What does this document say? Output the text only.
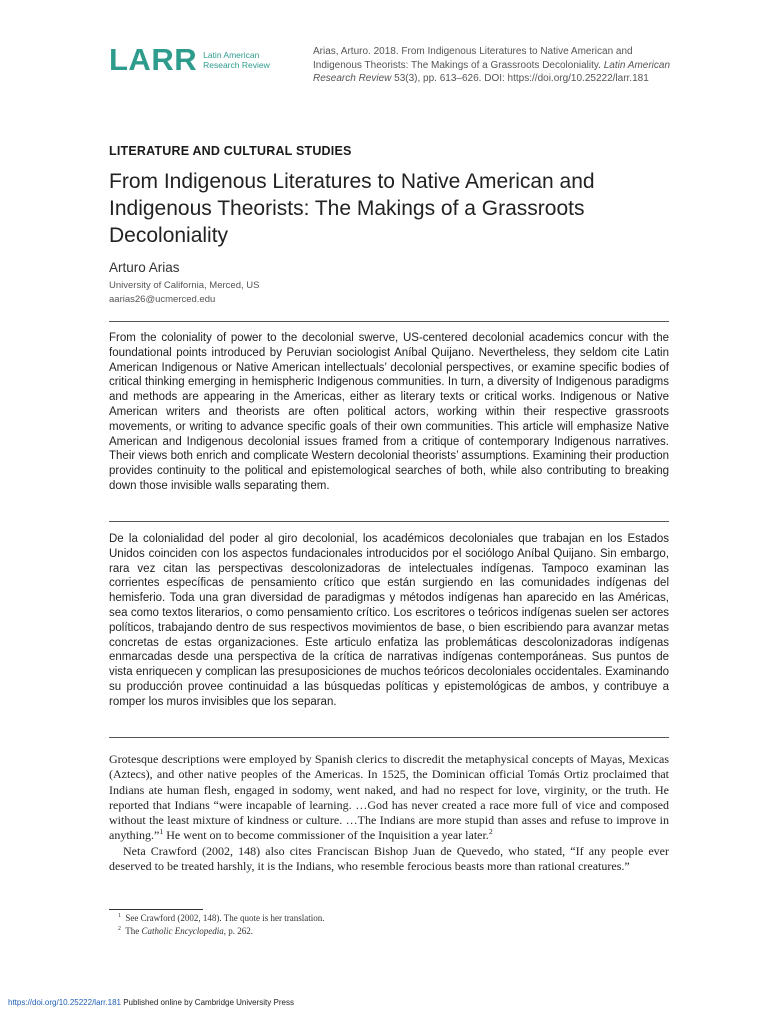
LARR Latin American
Research Review
Arias, Arturo. 2018. From Indigenous Literatures to Native American and Indigenous Theorists: The Makings of a Grassroots Decoloniality. Latin American Research Review 53(3), pp. 613–626. DOI: https://doi.org/10.25222/larr.181
LITERATURE AND CULTURAL STUDIES
From Indigenous Literatures to Native American and Indigenous Theorists: The Makings of a Grassroots Decoloniality
Arturo Arias
University of California, Merced, US
aarias26@ucmerced.edu
From the coloniality of power to the decolonial swerve, US-centered decolonial academics concur with the foundational points introduced by Peruvian sociologist Aníbal Quijano. Nevertheless, they seldom cite Latin American Indigenous or Native American intellectuals’ decolonial perspectives, or examine specific bodies of critical thinking emerging in hemispheric Indigenous communities. In turn, a diversity of Indigenous paradigms and methods are appearing in the Americas, either as literary texts or critical works. Indigenous or Native American writers and theorists are often political actors, working within their respective grassroots movements, or writing to advance specific goals of their own communities. This article will emphasize Native American and Indigenous decolonial issues framed from a critique of contemporary Indigenous narratives. Their views both enrich and complicate Western decolonial theorists’ assumptions. Examining their production provides continuity to the political and epistemological searches of both, while also contributing to breaking down those invisible walls separating them.
De la colonialidad del poder al giro decolonial, los académicos decoloniales que trabajan en los Estados Unidos coinciden con los aspectos fundacionales introducidos por el sociólogo Aníbal Quijano. Sin embargo, rara vez citan las perspectivas descolonizadoras de intelectuales indígenas. Tampoco examinan las corrientes específicas de pensamiento crítico que están surgiendo en las comunidades indígenas del hemisferio. Toda una gran diversidad de paradigmas y métodos indígenas han aparecido en las Américas, sea como textos literarios, o como pensamiento crítico. Los escritores o teóricos indígenas suelen ser actores políticos, trabajando dentro de sus respectivos movimientos de base, o bien escribiendo para avanzar metas concretas de estas organizaciones. Este articulo enfatiza las problemáticas descolonizadoras indígenas enmarcadas desde una perspectiva de la crítica de narrativas indígenas contemporáneas. Sus puntos de vista enriquecen y complican las presuposiciones de muchos teóricos decoloniales occidentales. Examinando su producción provee continuidad a las búsquedas políticas y epistemológicas de ambos, y contribuye a romper los muros invisibles que los separan.

Grotesque descriptions were employed by Spanish clerics to discredit the metaphysical concepts of Mayas, Mexicas (Aztecs), and other native peoples of the Americas. In 1525, the Dominican official Tomás Ortiz proclaimed that Indians ate human flesh, engaged in sodomy, went naked, and had no respect for love, virginity, or the truth. He reported that Indians “were incapable of learning. …God has never created a race more full of vice and composed without the least mixture of kindness or culture. …The Indians are more stupid than asses and refuse to improve in anything.”$^1$ He went on to become commissioner of the Inquisition a year later.$^2$

Neta Crawford (2002, 148) also cites Franciscan Bishop Juan de Quevedo, who stated, “If any people ever deserved to be treated harshly, it is the Indians, who resemble ferocious beasts more than rational creatures.”

$^1$ See Crawford (2002, 148). The quote is her translation.
$^2$ The Catholic Encyclopedia, p. 262.
https://doi.org/10.25222/larr.181 Published online by Cambridge University Press
